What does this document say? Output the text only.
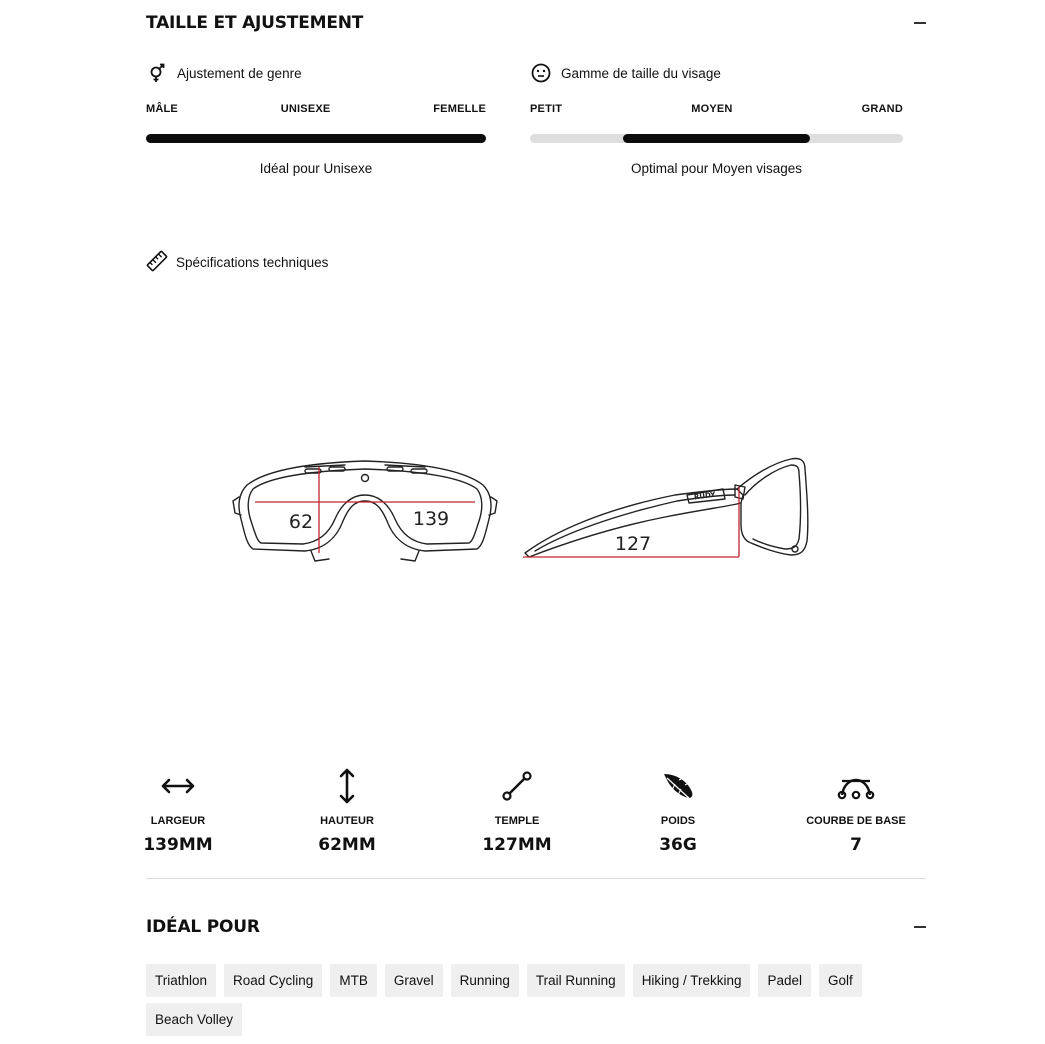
TAILLE ET AJUSTEMENT
Ajustement de genre
MÂLE	UNISEXE	FEMELLE
Idéal pour Unisexe
Gamme de taille du visage
PETIT	MOYEN	GRAND
Optimal pour Moyen visages
Spécifications techniques
62	139
RUDY
127
LARGEUR
139MM
HAUTEUR
62MM
TEMPLE
127MM
POIDS
36G
COURBE DE BASE
7
IDÉAL POUR
Triathlon	Road Cycling	MTB	Gravel	Running	Trail Running	Hiking / Trekking	Padel	Golf
Beach Volley
